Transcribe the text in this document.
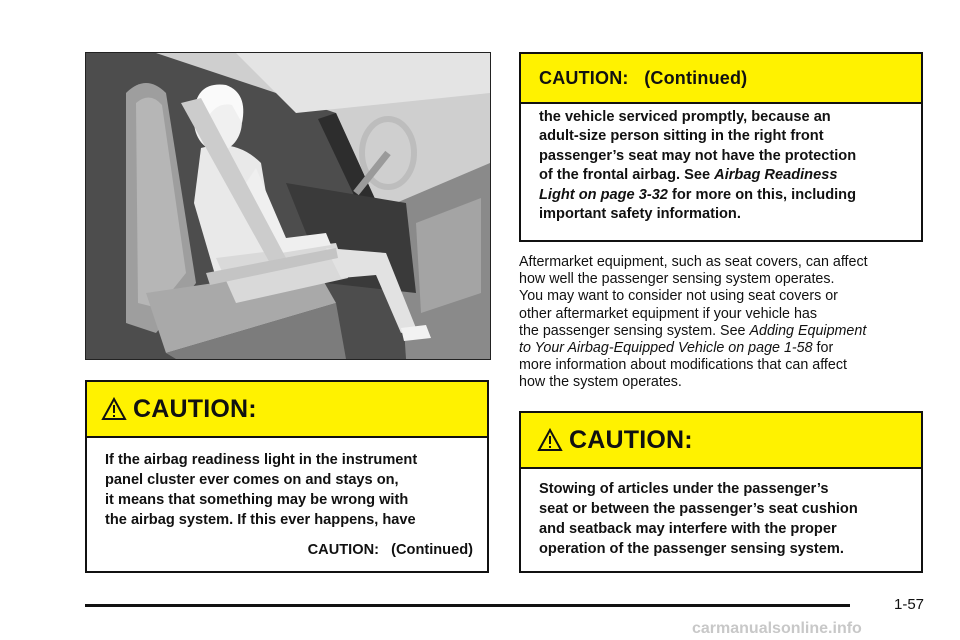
CAUTION:
If the airbag readiness light in the instrument
panel cluster ever comes on and stays on,
it means that something may be wrong with
the airbag system. If this ever happens, have
CAUTION:   (Continued)
CAUTION:   (Continued)
the vehicle serviced promptly, because an
adult-size person sitting in the right front
passenger’s seat may not have the protection
of the frontal airbag. See Airbag Readiness
Light on page 3-32 for more on this, including
important safety information.
Aftermarket equipment, such as seat covers, can affect
how well the passenger sensing system operates.
You may want to consider not using seat covers or
other aftermarket equipment if your vehicle has
the passenger sensing system. See Adding Equipment
to Your Airbag-Equipped Vehicle on page 1-58 for
more information about modifications that can affect
how the system operates.
CAUTION:
Stowing of articles under the passenger’s
seat or between the passenger’s seat cushion
and seatback may interfere with the proper
operation of the passenger sensing system.
1-57
carmanualsonline.info
